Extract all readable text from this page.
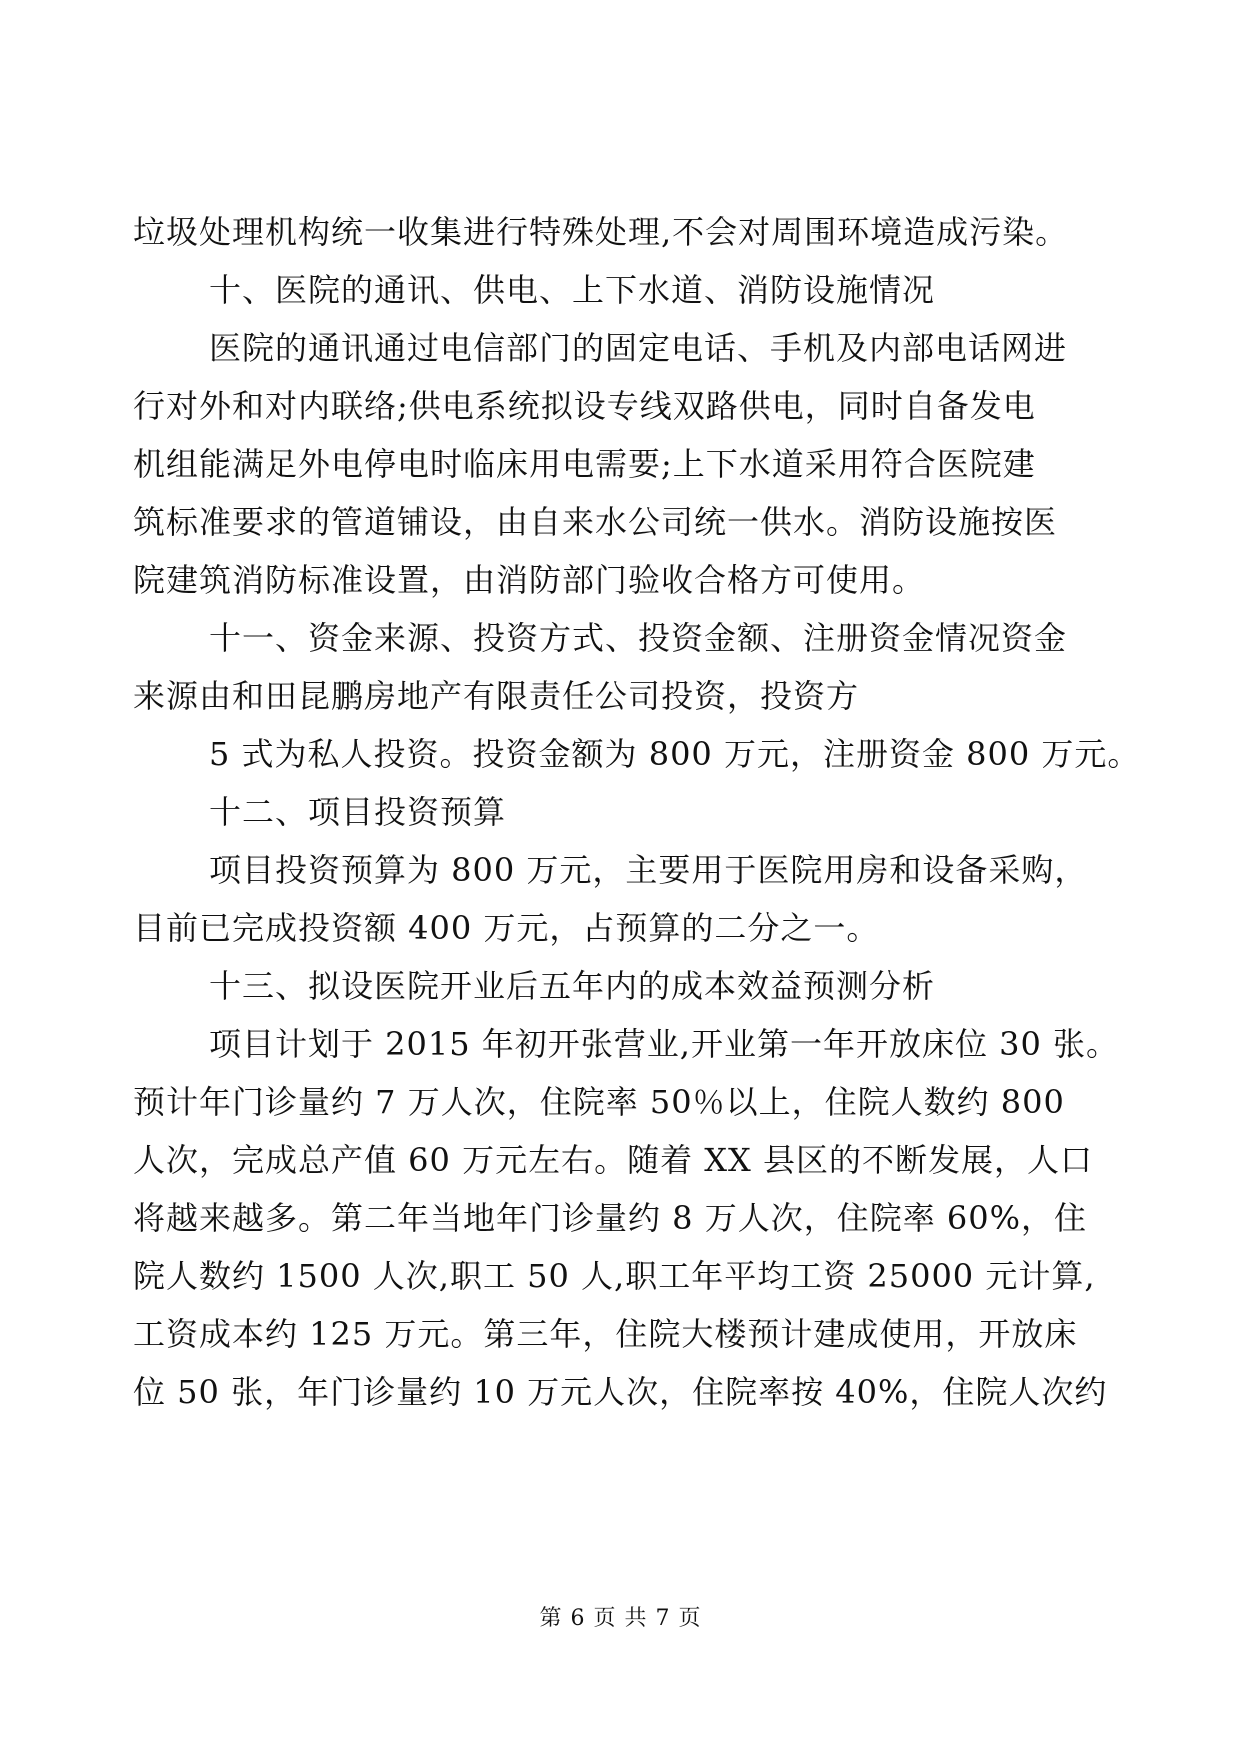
垃圾处理机构统一收集进行特殊处理,不会对周围环境造成污染。
十、医院的通讯、供电、上下水道、消防设施情况
医院的通讯通过电信部门的固定电话、手机及内部电话网进
行对外和对内联络;供电系统拟设专线双路供电，同时自备发电
机组能满足外电停电时临床用电需要;上下水道采用符合医院建
筑标准要求的管道铺设，由自来水公司统一供水。消防设施按医
院建筑消防标准设置，由消防部门验收合格方可使用。
十一、资金来源、投资方式、投资金额、注册资金情况资金
来源由和田昆鹏房地产有限责任公司投资，投资方
5 式为私人投资。投资金额为 800 万元，注册资金 800 万元。
十二、项目投资预算
项目投资预算为 800 万元，主要用于医院用房和设备采购，
目前已完成投资额 400 万元，占预算的二分之一。
十三、拟设医院开业后五年内的成本效益预测分析
项目计划于 2015 年初开张营业,开业第一年开放床位 30 张。
预计年门诊量约 7 万人次，住院率 50％以上，住院人数约 800
人次，完成总产值 60 万元左右。随着 XX 县区的不断发展，人口
将越来越多。第二年当地年门诊量约 8 万人次，住院率 60%，住
院人数约 1500 人次,职工 50 人,职工年平均工资 25000 元计算,
工资成本约 125 万元。第三年，住院大楼预计建成使用，开放床
位 50 张，年门诊量约 10 万元人次，住院率按 40%，住院人次约
第 6 页 共 7 页
